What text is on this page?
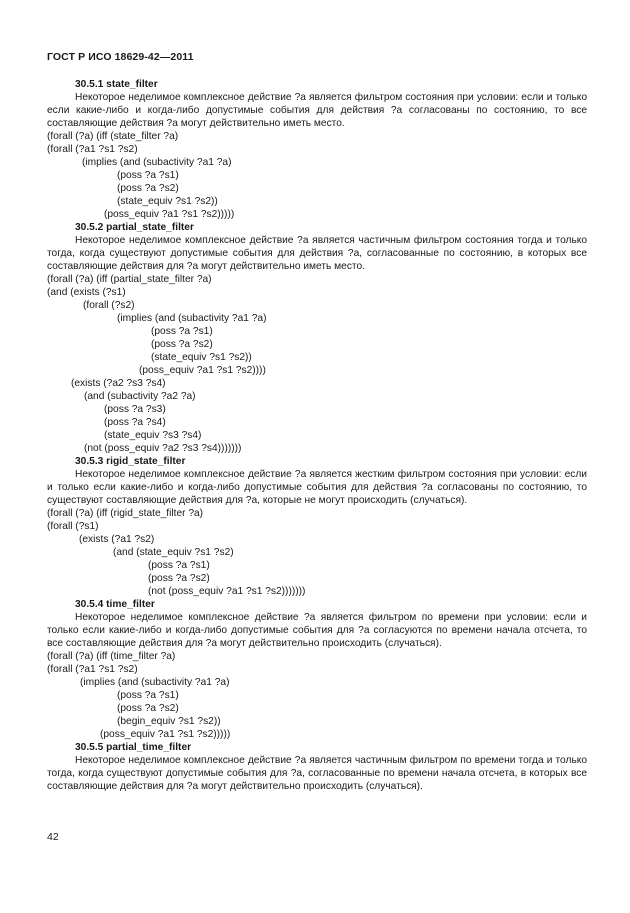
ГОСТ Р ИСО 18629-42—2011
30.5.1 state_filter
Некоторое неделимое комплексное действие ?a является фильтром состояния при условии: если и только если какие-либо и когда-либо допустимые события для действия ?a согласованы по состоянию, то все составляющие действия ?a могут действительно иметь место.
(forall (?a) (iff (state_filter ?a)
(forall (?a1 ?s1 ?s2)
(implies (and (subactivity ?a1 ?a)
(poss ?a ?s1)
(poss ?a ?s2)
(state_equiv ?s1 ?s2))
(poss_equiv ?a1 ?s1 ?s2)))))
30.5.2 partial_state_filter
Некоторое неделимое комплексное действие ?a является частичным фильтром состояния тогда и только тогда, когда существуют допустимые события для действия ?a, согласованные по состоянию, в которых все составляющие действия для ?a могут действительно иметь место.
(forall (?a) (iff (partial_state_filter ?a)
(and (exists (?s1)
(forall (?s2)
(implies (and (subactivity ?a1 ?a)
(poss ?a ?s1)
(poss ?a ?s2)
(state_equiv ?s1 ?s2))
(poss_equiv ?a1 ?s1 ?s2))))
(exists (?a2 ?s3 ?s4)
(and (subactivity ?a2 ?a)
(poss ?a ?s3)
(poss ?a ?s4)
(state_equiv ?s3 ?s4)
(not (poss_equiv ?a2 ?s3 ?s4)))))))
30.5.3 rigid_state_filter
Некоторое неделимое комплексное действие ?a является жестким фильтром состояния при условии: если и только если какие-либо и когда-либо допустимые события для действия ?a согласованы по состоянию, то существуют составляющие действия для ?a, которые не могут происходить (случаться).
(forall (?a) (iff (rigid_state_filter ?a)
(forall (?s1)
(exists (?a1 ?s2)
(and (state_equiv ?s1 ?s2)
(poss ?a ?s1)
(poss ?a ?s2)
(not (poss_equiv ?a1 ?s1 ?s2)))))))
30.5.4 time_filter
Некоторое неделимое комплексное действие ?a является фильтром по времени при условии: если и только если какие-либо и когда-либо допустимые события для ?a согласуются по времени начала отсчета, то все составляющие действия для ?a могут действительно происходить (случаться).
(forall (?a) (iff (time_filter ?a)
(forall (?a1 ?s1 ?s2)
(implies (and (subactivity ?a1 ?a)
(poss ?a ?s1)
(poss ?a ?s2)
(begin_equiv ?s1 ?s2))
(poss_equiv ?a1 ?s1 ?s2)))))
30.5.5 partial_time_filter
Некоторое неделимое комплексное действие ?a является частичным фильтром по времени тогда и только тогда, когда существуют допустимые события для ?a, согласованные по времени начала отсчета, в которых все составляющие действия для ?a могут действительно происходить (случаться).
42
